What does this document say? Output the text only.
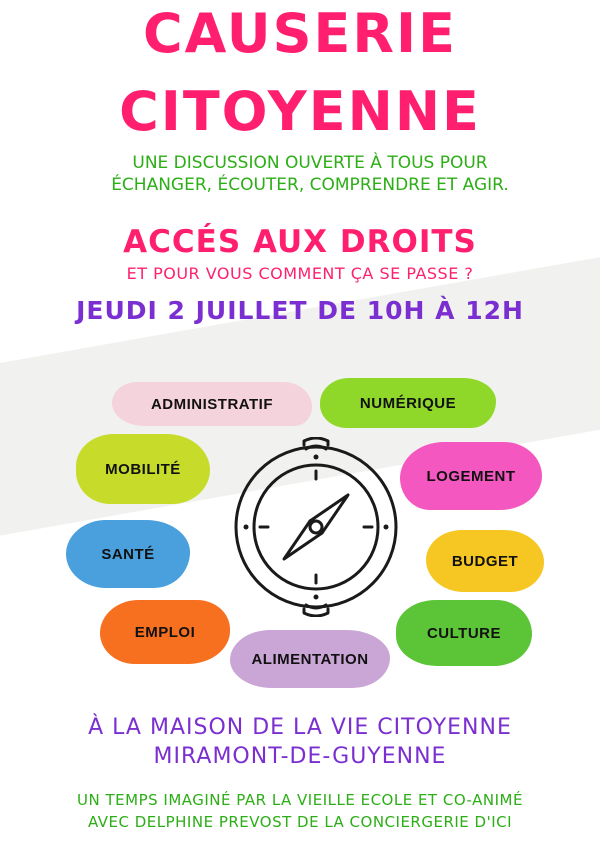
CAUSERIE
CITOYENNE
UNE DISCUSSION OUVERTE À TOUS POUR
ÉCHANGER, ÉCOUTER, COMPRENDRE ET AGIR.
ACCÉS AUX DROITS
ET POUR VOUS COMMENT ÇA SE PASSE ?
JEUDI 2 JUILLET DE 10H À 12H
ADMINISTRATIF	NUMÉRIQUE
MOBILITÉ	LOGEMENT
SANTÉ	BUDGET
EMPLOI	CULTURE
ALIMENTATION
À LA MAISON DE LA VIE CITOYENNE
MIRAMONT-DE-GUYENNE
UN TEMPS IMAGINÉ PAR LA VIEILLE ECOLE ET CO-ANIMÉ
AVEC DELPHINE PREVOST DE LA CONCIERGERIE D'ICI
